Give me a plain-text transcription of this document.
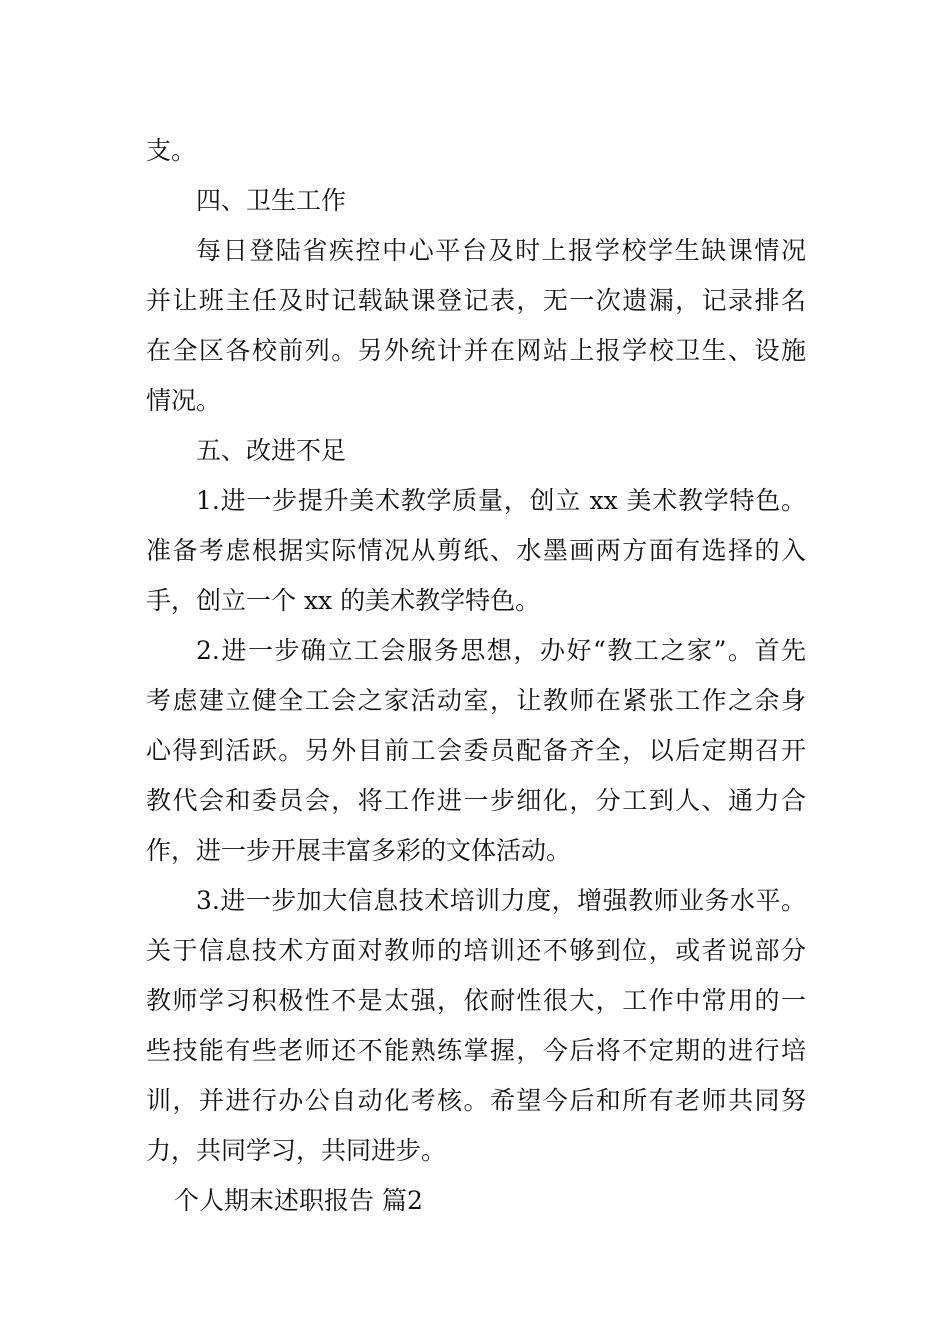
支。
四、卫生工作
每日登陆省疾控中心平台及时上报学校学生缺课情况
并让班主任及时记载缺课登记表，无一次遗漏，记录排名
在全区各校前列。另外统计并在网站上报学校卫生、设施
情况。
五、改进不足
1.进一步提升美术教学质量，创立 xx 美术教学特色。
准备考虑根据实际情况从剪纸、水墨画两方面有选择的入
手，创立一个 xx 的美术教学特色。
2.进一步确立工会服务思想，办好“教工之家”。首先
考虑建立健全工会之家活动室，让教师在紧张工作之余身
心得到活跃。另外目前工会委员配备齐全，以后定期召开
教代会和委员会，将工作进一步细化，分工到人、通力合
作，进一步开展丰富多彩的文体活动。
3.进一步加大信息技术培训力度，增强教师业务水平。
关于信息技术方面对教师的培训还不够到位，或者说部分
教师学习积极性不是太强，依耐性很大，工作中常用的一
些技能有些老师还不能熟练掌握，今后将不定期的进行培
训，并进行办公自动化考核。希望今后和所有老师共同努
力，共同学习，共同进步。
个人期末述职报告 篇2
